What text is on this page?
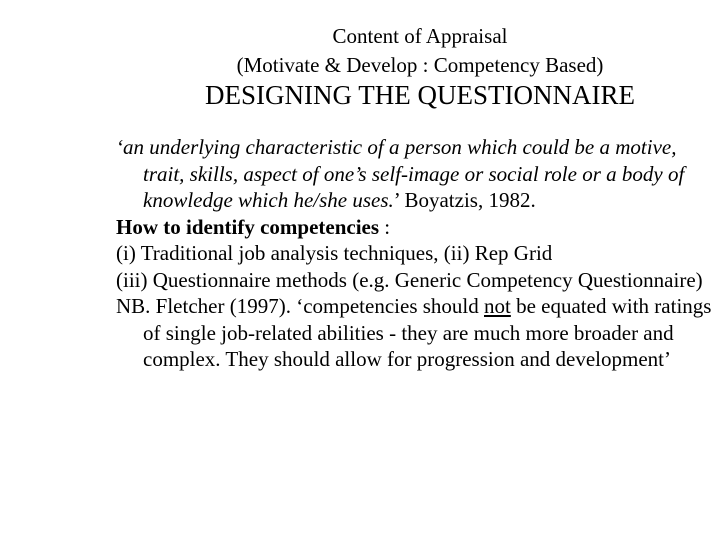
Content of Appraisal
(Motivate & Develop : Competency Based)
DESIGNING THE QUESTIONNAIRE

‘an underlying characteristic of a person which could be a motive, trait, skills, aspect of one’s self-image or social role or a body of knowledge which he/she uses.’ Boyatzis, 1982.

How to identify competencies :

(i) Traditional job analysis techniques, (ii) Rep Grid

(iii) Questionnaire methods (e.g. Generic Competency Questionnaire)

NB. Fletcher (1997). ‘competencies should not be equated with ratings of single job-related abilities - they are much more broader and complex. They should allow for progression and development’
